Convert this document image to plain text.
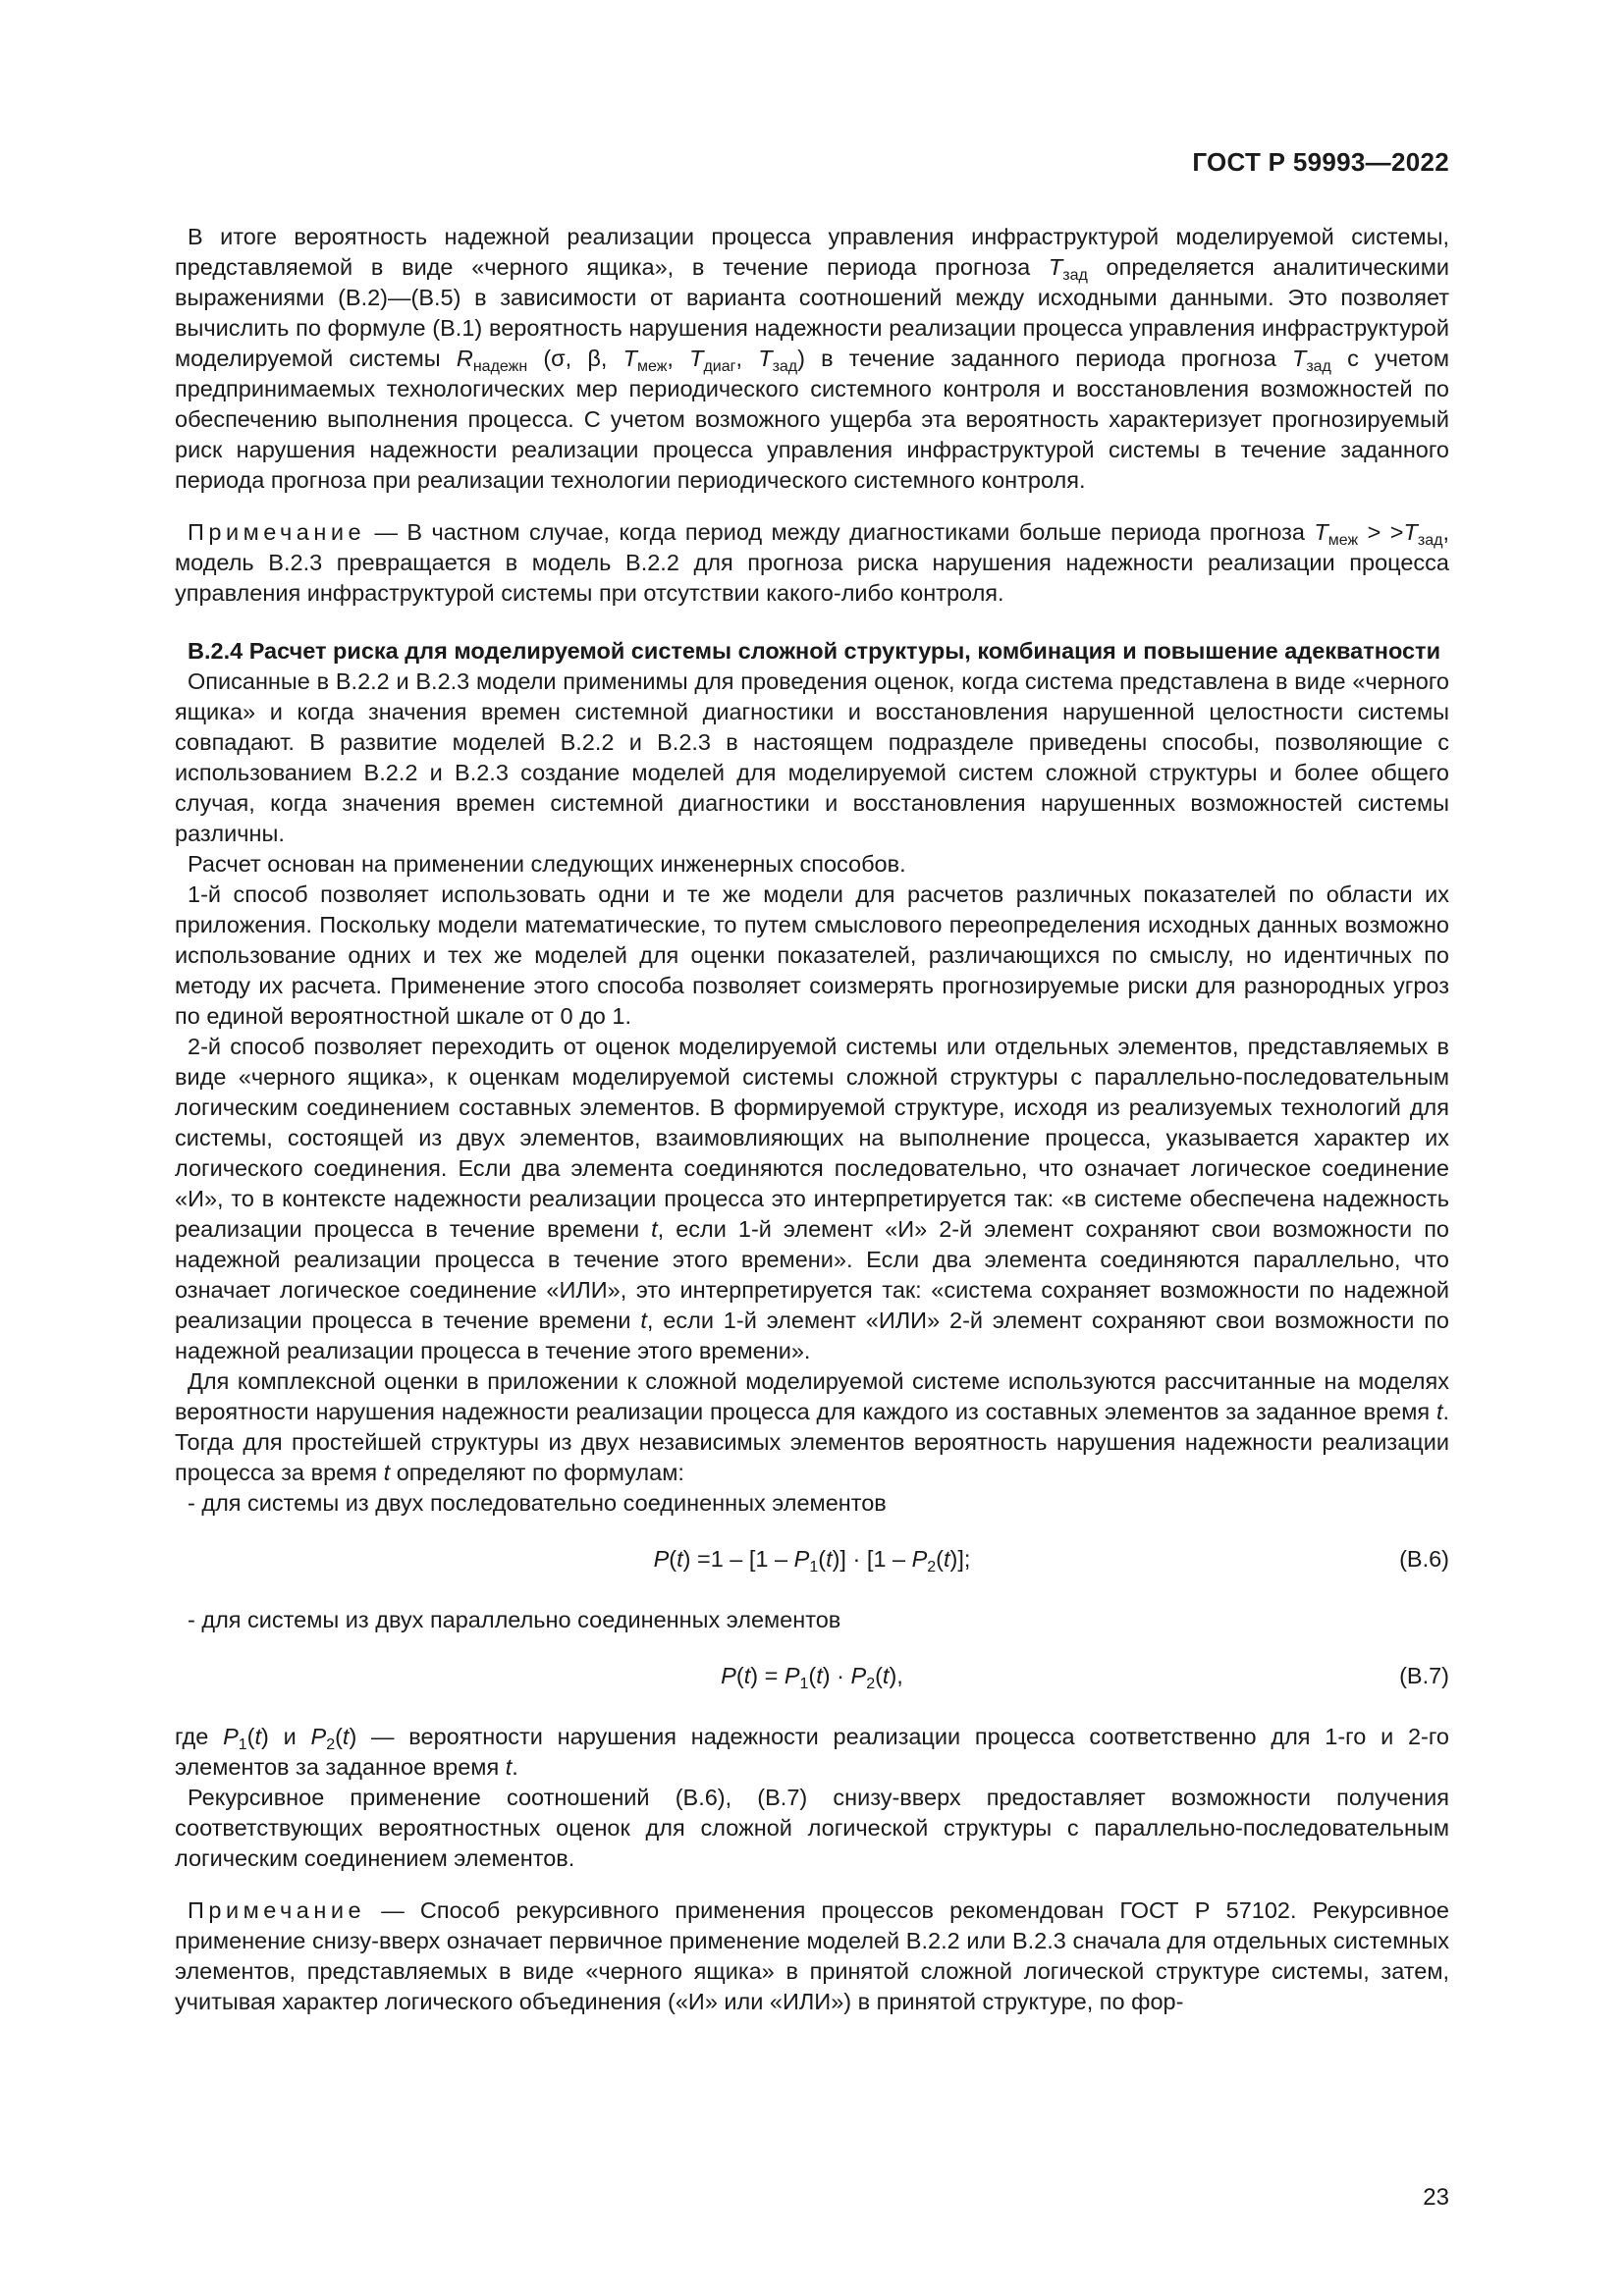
ГОСТ Р 59993—2022

В итоге вероятность надежной реализации процесса управления инфраструктурой моделируемой системы, представляемой в виде «черного ящика», в течение периода прогноза $T_{зад}$ определяется аналитическими выражениями (В.2)—(В.5) в зависимости от варианта соотношений между исходными данными. Это позволяет вычислить по формуле (В.1) вероятность нарушения надежности реализации процесса управления инфраструктурой моделируемой системы $R_{надежн}$ (σ, β, $T_{меж}$, $T_{диаг}$, $T_{зад}$) в течение заданного периода прогноза $T_{зад}$ с учетом предпринимаемых технологических мер периодического системного контроля и восстановления возможностей по обеспечению выполнения процесса. С учетом возможного ущерба эта вероятность характеризует прогнозируемый риск нарушения надежности реализации процесса управления инфраструктурой системы в течение заданного периода прогноза при реализации технологии периодического системного контроля.

Примечание — В частном случае, когда период между диагностиками больше периода прогноза $T_{меж} > >T_{зад}$, модель В.2.3 превращается в модель В.2.2 для прогноза риска нарушения надежности реализации процесса управления инфраструктурой системы при отсутствии какого-либо контроля.

В.2.4 Расчет риска для моделируемой системы сложной структуры, комбинация и повышение адекватности

Описанные в В.2.2 и В.2.3 модели применимы для проведения оценок, когда система представлена в виде «черного ящика» и когда значения времен системной диагностики и восстановления нарушенной целостности системы совпадают. В развитие моделей В.2.2 и В.2.3 в настоящем подразделе приведены способы, позволяющие с использованием В.2.2 и В.2.3 создание моделей для моделируемой систем сложной структуры и более общего случая, когда значения времен системной диагностики и восстановления нарушенных возможностей системы различны.

Расчет основан на применении следующих инженерных способов.

1-й способ позволяет использовать одни и те же модели для расчетов различных показателей по области их приложения. Поскольку модели математические, то путем смыслового переопределения исходных данных возможно использование одних и тех же моделей для оценки показателей, различающихся по смыслу, но идентичных по методу их расчета. Применение этого способа позволяет соизмерять прогнозируемые риски для разнородных угроз по единой вероятностной шкале от 0 до 1.

2-й способ позволяет переходить от оценок моделируемой системы или отдельных элементов, представляемых в виде «черного ящика», к оценкам моделируемой системы сложной структуры с параллельно-последовательным логическим соединением составных элементов. В формируемой структуре, исходя из реализуемых технологий для системы, состоящей из двух элементов, взаимовлияющих на выполнение процесса, указывается характер их логического соединения. Если два элемента соединяются последовательно, что означает логическое соединение «И», то в контексте надежности реализации процесса это интерпретируется так: «в системе обеспечена надежность реализации процесса в течение времени t, если 1-й элемент «И» 2-й элемент сохраняют свои возможности по надежной реализации процесса в течение этого времени». Если два элемента соединяются параллельно, что означает логическое соединение «ИЛИ», это интерпретируется так: «система сохраняет возможности по надежной реализации процесса в течение времени t, если 1-й элемент «ИЛИ» 2-й элемент сохраняют свои возможности по надежной реализации процесса в течение этого времени».

Для комплексной оценки в приложении к сложной моделируемой системе используются рассчитанные на моделях вероятности нарушения надежности реализации процесса для каждого из составных элементов за заданное время t. Тогда для простейшей структуры из двух независимых элементов вероятность нарушения надежности реализации процесса за время t определяют по формулам:

- для системы из двух последовательно соединенных элементов

$P(t) =1 - [1 - P_1(t)] \cdot [1 - P_2(t)]$;	(В.6)

- для системы из двух параллельно соединенных элементов

$P(t) = P_1(t) \cdot P_2(t)$,	(В.7)

где $P_1(t)$ и $P_2(t)$ — вероятности нарушения надежности реализации процесса соответственно для 1-го и 2-го элементов за заданное время t.

Рекурсивное применение соотношений (В.6), (В.7) снизу-вверх предоставляет возможности получения соответствующих вероятностных оценок для сложной логической структуры с параллельно-последовательным логическим соединением элементов.

Примечание — Способ рекурсивного применения процессов рекомендован ГОСТ Р 57102. Рекурсивное применение снизу-вверх означает первичное применение моделей В.2.2 или В.2.3 сначала для отдельных системных элементов, представляемых в виде «черного ящика» в принятой сложной логической структуре системы, затем, учитывая характер логического объединения («И» или «ИЛИ») в принятой структуре, по фор-

23
